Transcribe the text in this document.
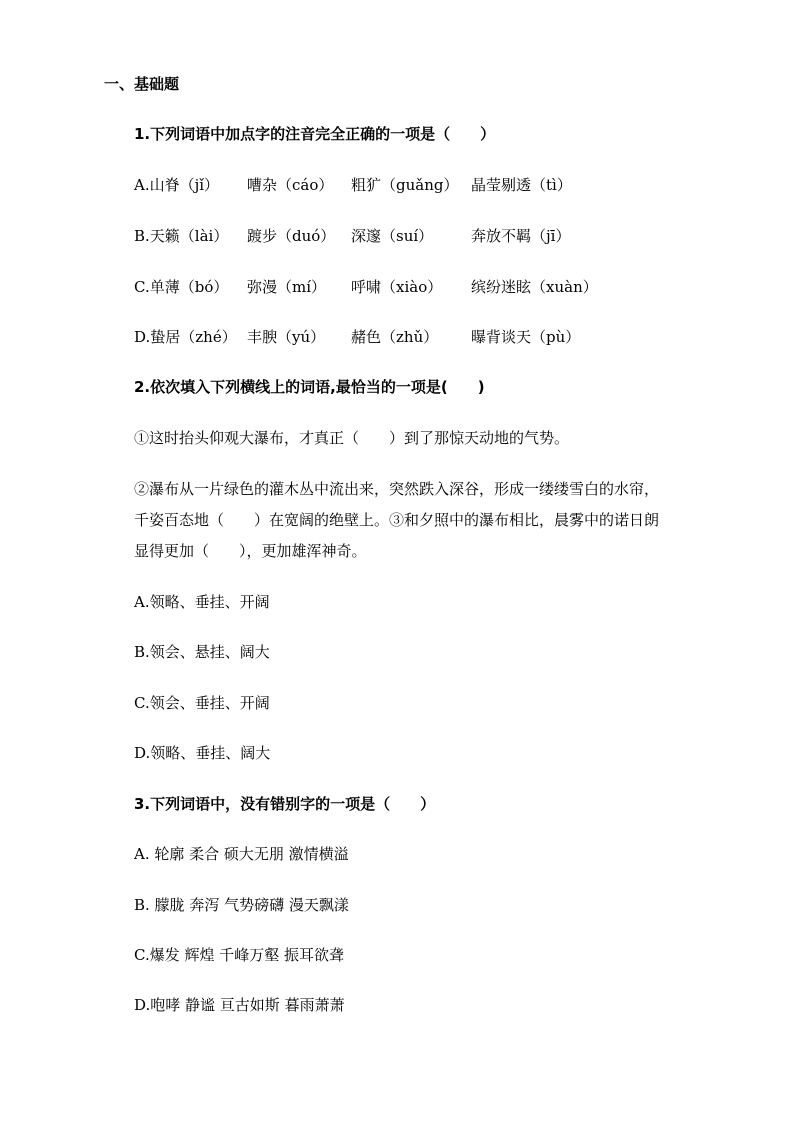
一、基础题
1.下列词语中加点字的注音完全正确的一项是（　　）
A.山脊（jǐ） 嘈杂（cáo） 粗犷（guǎng） 晶莹剔透（tì）
B.天籁（lài） 踱步（duó） 深邃（suí）	奔放不羁（jī）
C.单薄（bó） 弥漫（mí） 呼啸（xiào） 缤纷迷眩（xuàn）
D.蛰居（zhé） 丰腴（yú） 赭色（zhǔ） 曝背谈天（pù）
2.依次填入下列横线上的词语,最恰当的一项是(　　)
①这时抬头仰观大瀑布，才真正（　　）到了那惊天动地的气势。
②瀑布从一片绿色的灌木丛中流出来，突然跌入深谷，形成一缕缕雪白的水帘，
千姿百态地（　　）在宽阔的绝壁上。③和夕照中的瀑布相比，晨雾中的诺日朗
显得更加（　　），更加雄浑神奇。
A.领略、垂挂、开阔
B.领会、悬挂、阔大
C.领会、垂挂、开阔
D.领略、垂挂、阔大
3.下列词语中，没有错别字的一项是（　　）
A. 轮廓 柔合 硕大无朋 激情横溢
B. 朦胧 奔泻 气势磅礴 漫天飘漾
C.爆发 辉煌 千峰万壑 振耳欲聋
D.咆哮 静谧 亘古如斯 暮雨萧萧
